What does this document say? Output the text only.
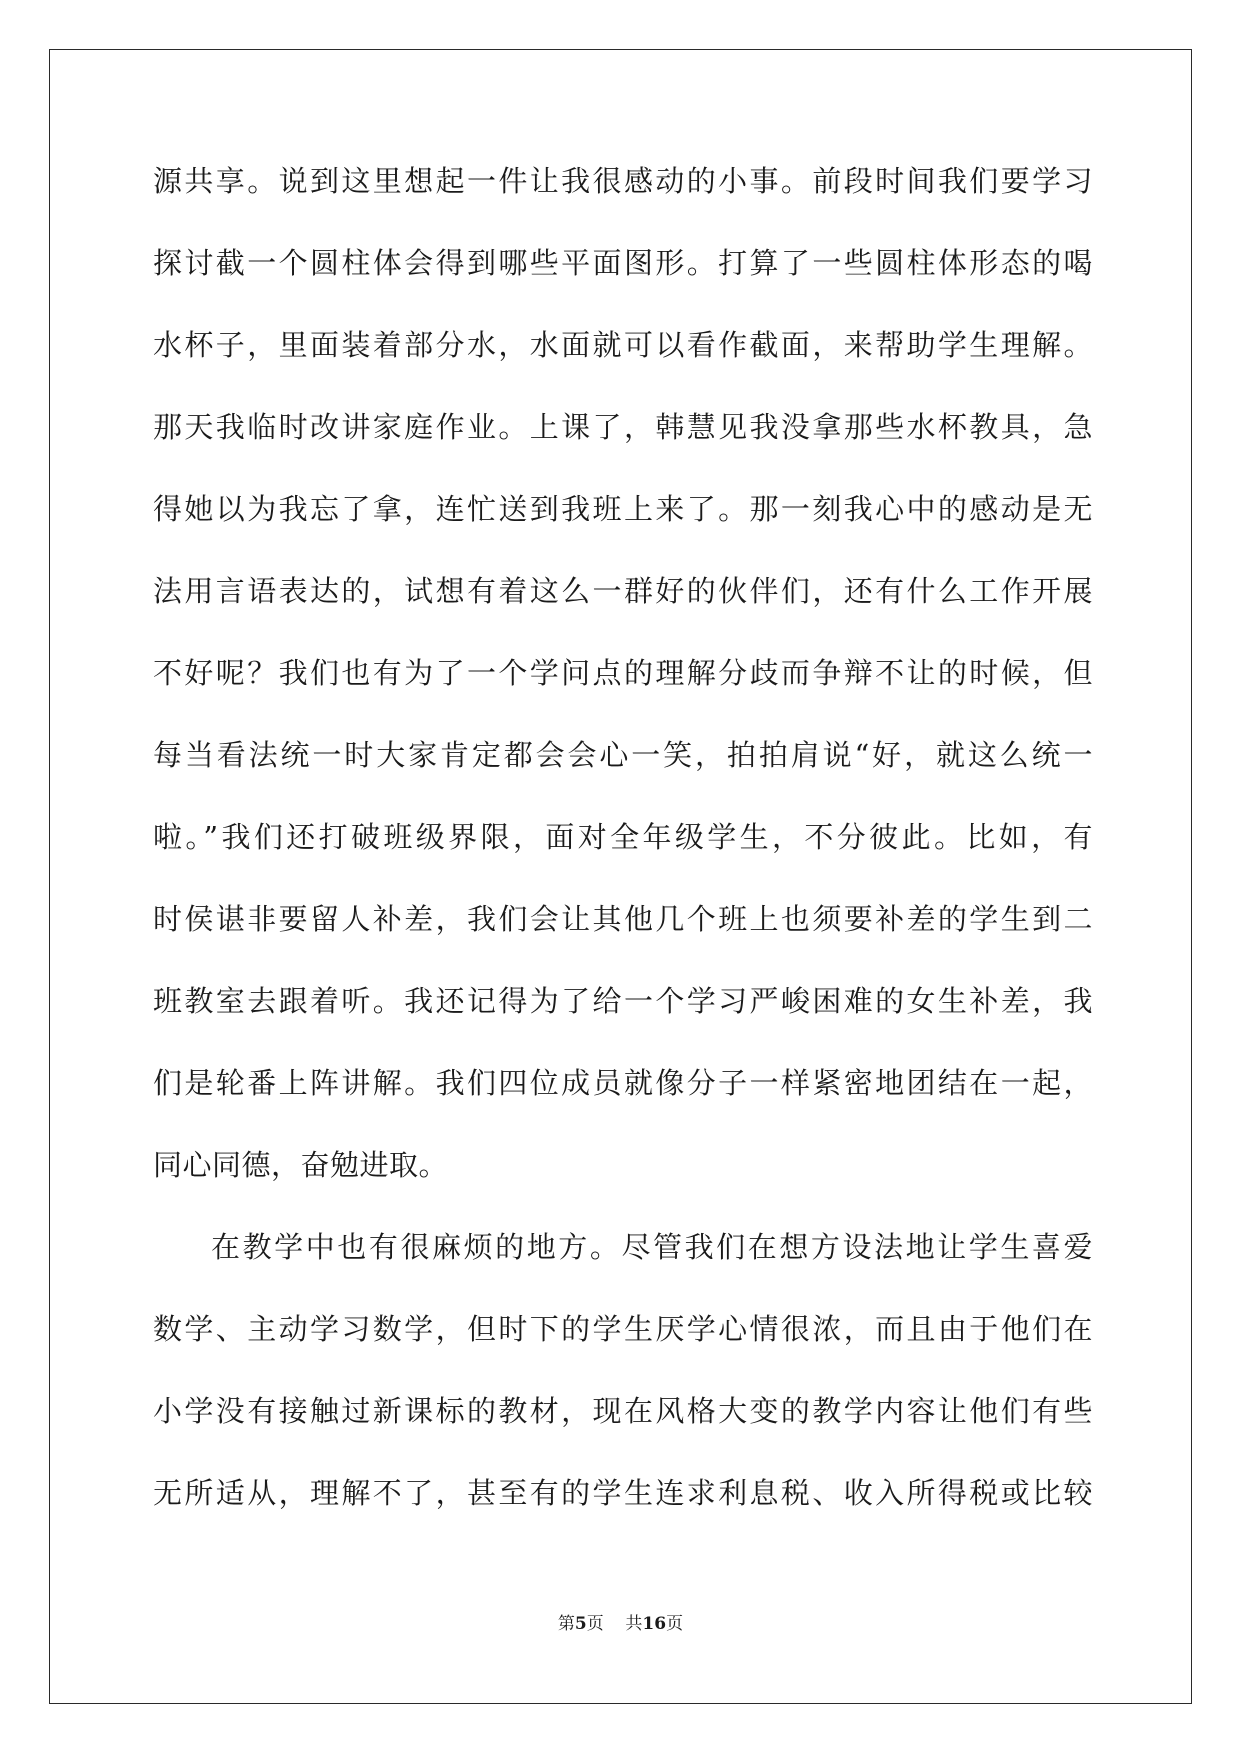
源共享。说到这里想起一件让我很感动的小事。前段时间我们要学习

探讨截一个圆柱体会得到哪些平面图形。打算了一些圆柱体形态的喝

水杯子，里面装着部分水，水面就可以看作截面，来帮助学生理解。

那天我临时改讲家庭作业。上课了，韩慧见我没拿那些水杯教具，急

得她以为我忘了拿，连忙送到我班上来了。那一刻我心中的感动是无

法用言语表达的，试想有着这么一群好的伙伴们，还有什么工作开展

不好呢？我们也有为了一个学问点的理解分歧而争辩不让的时候，但

每当看法统一时大家肯定都会会心一笑，拍拍肩说“好，就这么统一

啦。”我们还打破班级界限，面对全年级学生，不分彼此。比如，有

时侯谌非要留人补差，我们会让其他几个班上也须要补差的学生到二

班教室去跟着听。我还记得为了给一个学习严峻困难的女生补差，我

们是轮番上阵讲解。我们四位成员就像分子一样紧密地团结在一起，

同心同德，奋勉进取。

在教学中也有很麻烦的地方。尽管我们在想方设法地让学生喜爱

数学、主动学习数学，但时下的学生厌学心情很浓，而且由于他们在

小学没有接触过新课标的教材，现在风格大变的教学内容让他们有些

无所适从，理解不了，甚至有的学生连求利息税、收入所得税或比较

第5页 共16页
